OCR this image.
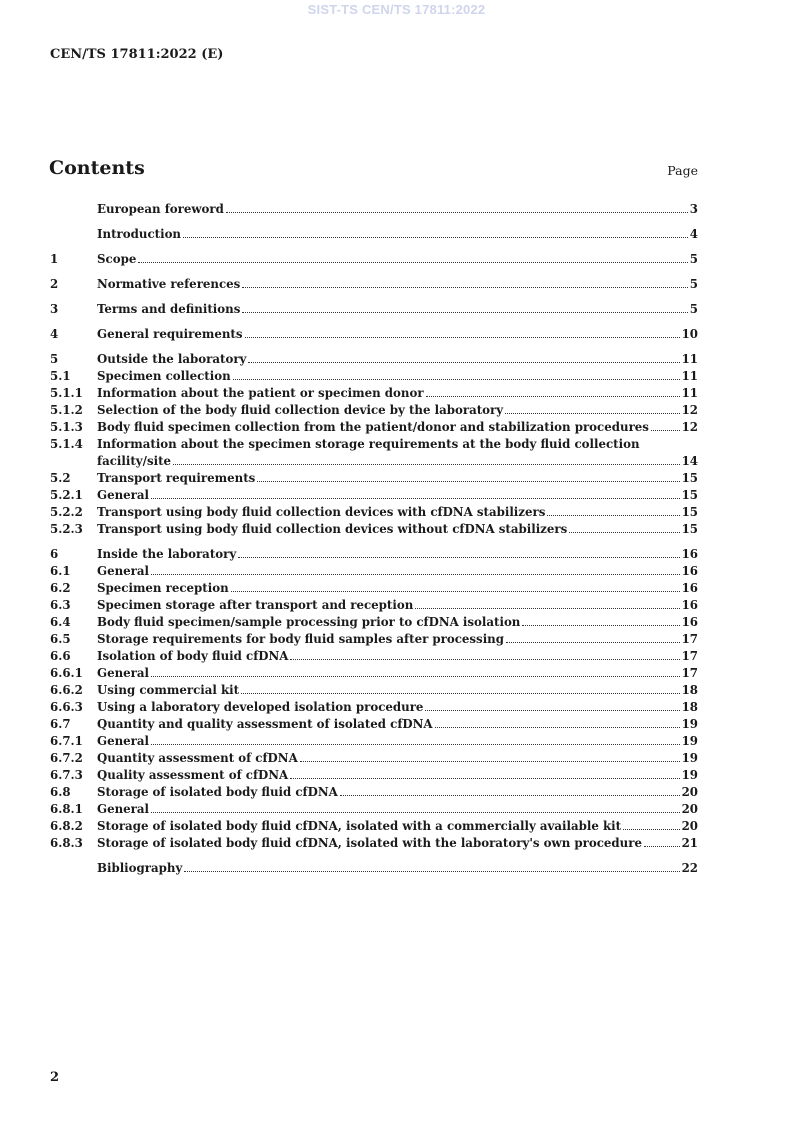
SIST-TS CEN/TS 17811:2022
CEN/TS 17811:2022 (E)
Contents	Page
European foreword	3
Introduction	4
1	Scope	5
2	Normative references	5
3	Terms and definitions	5
4	General requirements	10
5	Outside the laboratory	11
5.1	Specimen collection	11
5.1.1	Information about the patient or specimen donor	11
5.1.2	Selection of the body fluid collection device by the laboratory	12
5.1.3	Body fluid specimen collection from the patient/donor and stabilization procedures	12
5.1.4	Information about the specimen storage requirements at the body fluid collection
facility/site	14
5.2	Transport requirements	15
5.2.1	General	15
5.2.2	Transport using body fluid collection devices with cfDNA stabilizers	15
5.2.3	Transport using body fluid collection devices without cfDNA stabilizers	15
6	Inside the laboratory	16
6.1	General	16
6.2	Specimen reception	16
6.3	Specimen storage after transport and reception	16
6.4	Body fluid specimen/sample processing prior to cfDNA isolation	16
6.5	Storage requirements for body fluid samples after processing	17
6.6	Isolation of body fluid cfDNA	17
6.6.1	General	17
6.6.2	Using commercial kit	18
6.6.3	Using a laboratory developed isolation procedure	18
6.7	Quantity and quality assessment of isolated cfDNA	19
6.7.1	General	19
6.7.2	Quantity assessment of cfDNA	19
6.7.3	Quality assessment of cfDNA	19
6.8	Storage of isolated body fluid cfDNA	20
6.8.1	General	20
6.8.2	Storage of isolated body fluid cfDNA, isolated with a commercially available kit	20
6.8.3	Storage of isolated body fluid cfDNA, isolated with the laboratory's own procedure	21
Bibliography	22
2
